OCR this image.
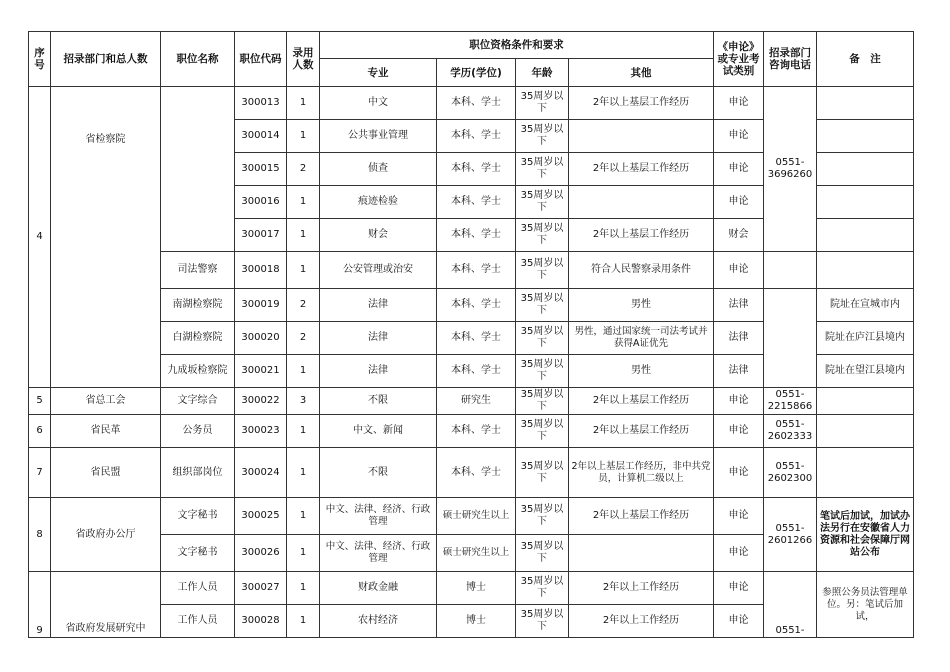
序号	招录部门和总人数	职位名称	职位代码	录用人数	职位资格条件和要求				《申论》或专业考试类别	招录部门咨询电话	备　注
					专业	学历(学位)	年龄	其他			
4	省检察院		300013	1	中文	本科、学士	35周岁以下	2年以上基层工作经历	申论	0551-3696260	
			300014	1	公共事业管理	本科、学士	35周岁以下		申论		
			300015	2	侦查	本科、学士	35周岁以下	2年以上基层工作经历	申论		
			300016	1	痕迹检验	本科、学士	35周岁以下		申论		
			300017	1	财会	本科、学士	35周岁以下	2年以上基层工作经历	财会		
		司法警察	300018	1	公安管理或治安	本科、学士	35周岁以下	符合人民警察录用条件	申论		
		南湖检察院	300019	2	法律	本科、学士	35周岁以下	男性	法律		院址在宣城市内
		白湖检察院	300020	2	法律	本科、学士	35周岁以下	男性，通过国家统一司法考试并获得A证优先	法律		院址在庐江县境内
		九成坂检察院	300021	1	法律	本科、学士	35周岁以下	男性	法律		院址在望江县境内
5	省总工会	文字综合	300022	3	不限	研究生	35周岁以下	2年以上基层工作经历	申论	0551-2215866	
6	省民革	公务员	300023	1	中文、新闻	本科、学士	35周岁以下	2年以上基层工作经历	申论	0551-2602333	
7	省民盟	组织部岗位	300024	1	不限	本科、学士	35周岁以下	2年以上基层工作经历，非中共党员，计算机二级以上	申论	0551-2602300	
8	省政府办公厅	文字秘书	300025	1	中文、法律、经济、行政管理	硕士研究生以上	35周岁以下	2年以上基层工作经历	申论	0551-2601266	笔试后加试，加试办法另行在安徽省人力资源和社会保障厅网站公布
		文字秘书	300026	1	中文、法律、经济、行政管理	硕士研究生以上	35周岁以下		申论		
9	省政府发展研究中	工作人员	300027	1	财政金融	博士	35周岁以下	2年以上工作经历	申论	0551-	参照公务员法管理单位。另：笔试后加试，
		工作人员	300028	1	农村经济	博士	35周岁以下	2年以上工作经历	申论		
